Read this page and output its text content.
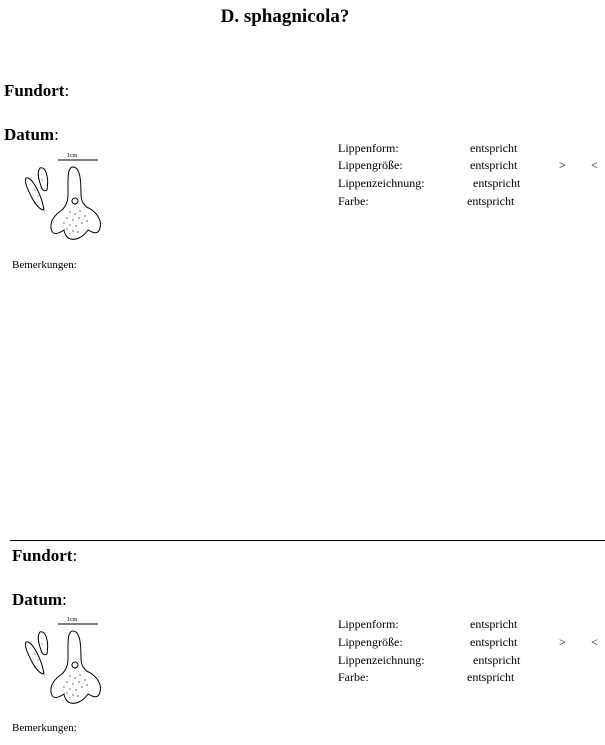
D. sphagnicola?
Fundort:
Datum:
1cm
Bemerkungen:
Lippenform:	entspricht
Lippengröße:	entspricht	> <
Lippenzeichnung:	entspricht
Farbe:	entspricht
Fundort:
Datum:
1cm
Bemerkungen:
Lippenform:	entspricht
Lippengröße:	entspricht	> <
Lippenzeichnung:	entspricht
Farbe:	entspricht
